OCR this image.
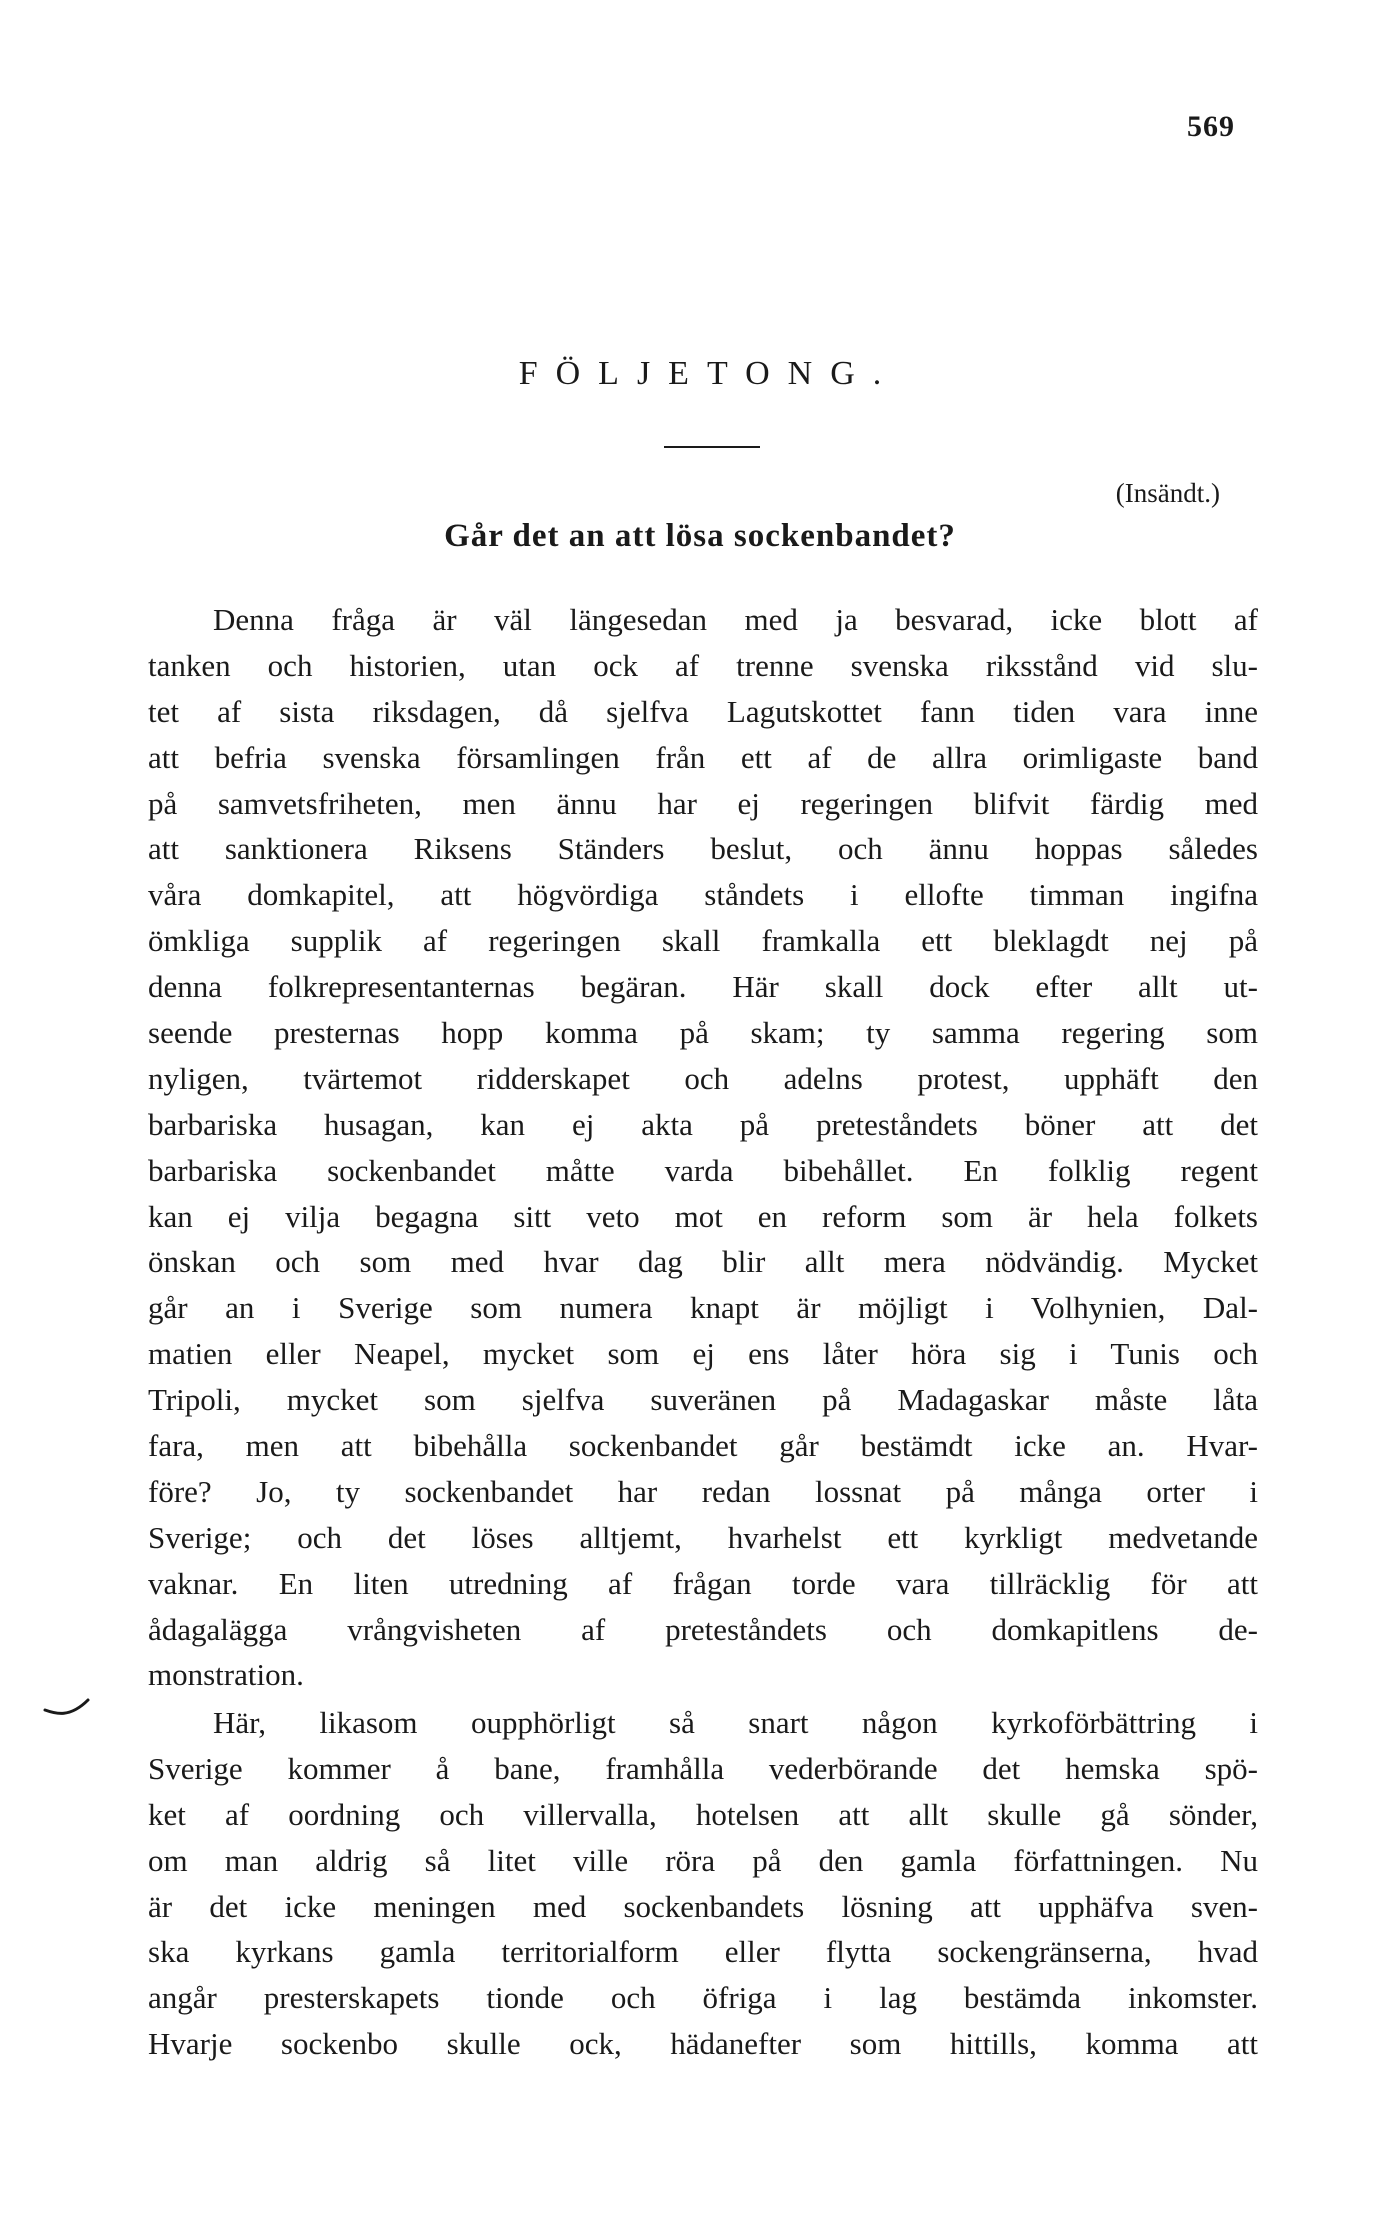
569
FÖLJETONG.
(Insändt.)
Går det an att lösa sockenbandet?
Denna fråga är väl längesedan med ja besvarad, icke blott af
tanken och historien, utan ock af trenne svenska riksstånd vid slu-
tet af sista riksdagen, då sjelfva Lagutskottet fann tiden vara inne
att befria svenska församlingen från ett af de allra orimligaste band
på samvetsfriheten, men ännu har ej regeringen blifvit färdig med
att sanktionera Riksens Ständers beslut, och ännu hoppas således
våra domkapitel, att högvördiga ståndets i ellofte timman ingifna
ömkliga supplik af regeringen skall framkalla ett bleklagdt nej på
denna folkrepresentanternas begäran. Här skall dock efter allt ut-
seende presternas hopp komma på skam; ty samma regering som
nyligen, tvärtemot ridderskapet och adelns protest, upphäft den
barbariska husagan, kan ej akta på preteståndets böner att det
barbariska sockenbandet måtte varda bibehållet. En folklig regent
kan ej vilja begagna sitt veto mot en reform som är hela folkets
önskan och som med hvar dag blir allt mera nödvändig. Mycket
går an i Sverige som numera knapt är möjligt i Volhynien, Dal-
matien eller Neapel, mycket som ej ens låter höra sig i Tunis och
Tripoli, mycket som sjelfva suveränen på Madagaskar måste låta
fara, men att bibehålla sockenbandet går bestämdt icke an. Hvar-
före? Jo, ty sockenbandet har redan lossnat på många orter i
Sverige; och det löses alltjemt, hvarhelst ett kyrkligt medvetande
vaknar. En liten utredning af frågan torde vara tillräcklig för att
ådagalägga vrångvisheten af preteståndets och domkapitlens de-
monstration.
Här, likasom oupphörligt så snart någon kyrkoförbättring i
Sverige kommer å bane, framhålla vederbörande det hemska spö-
ket af oordning och villervalla, hotelsen att allt skulle gå sönder,
om man aldrig så litet ville röra på den gamla författningen. Nu
är det icke meningen med sockenbandets lösning att upphäfva sven-
ska kyrkans gamla territorialform eller flytta sockengränserna, hvad
angår presterskapets tionde och öfriga i lag bestämda inkomster.
Hvarje sockenbo skulle ock, hädanefter som hittills, komma att
